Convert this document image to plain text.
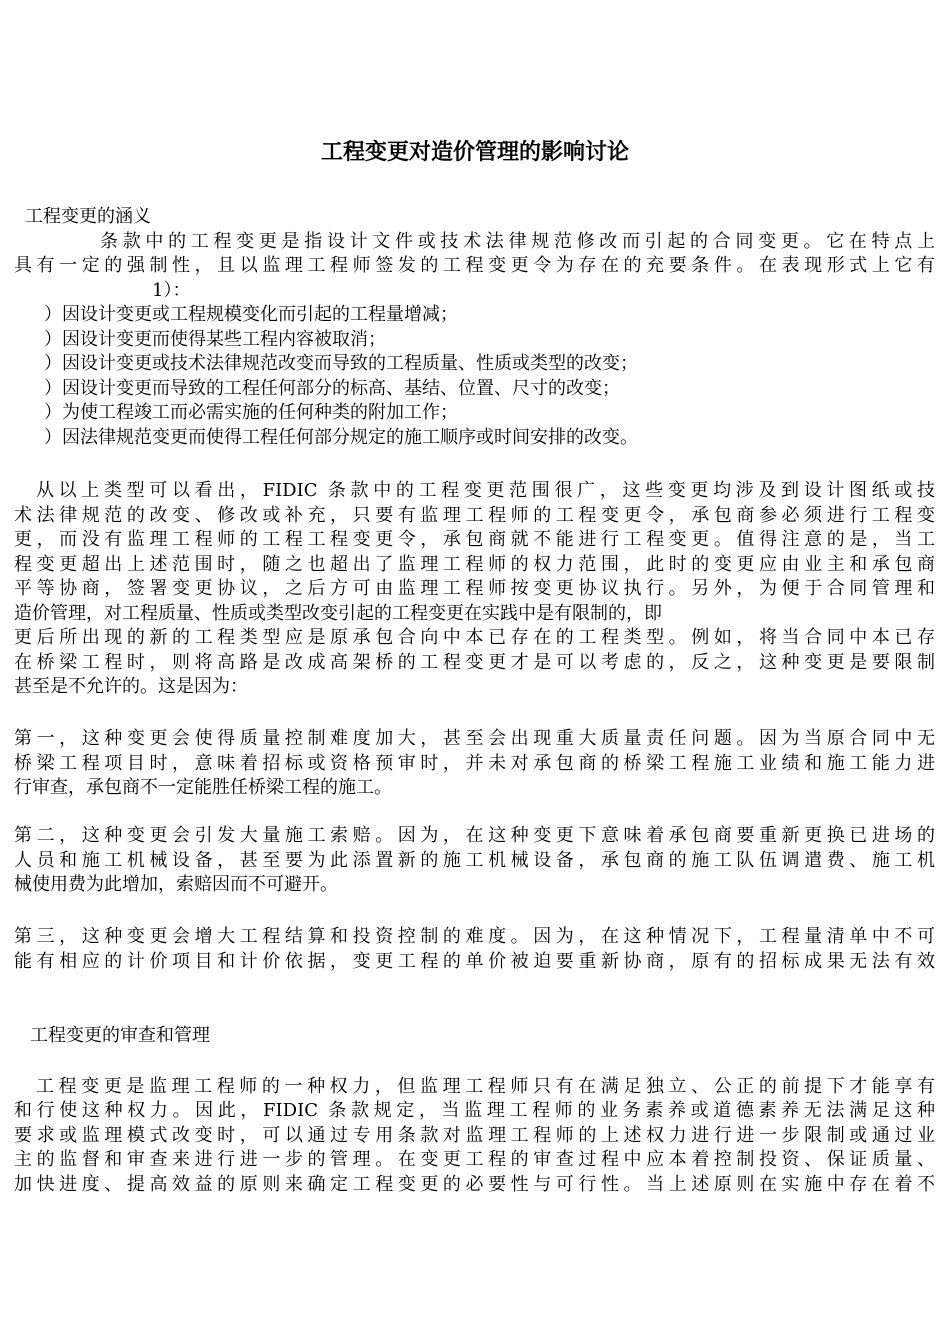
工程变更对造价管理的影响讨论
工程变更的涵义
条款中的工程变更是指设计文件或技术法律规范修改而引起的合同变更。它在特点上
具有一定的强制性，且以监理工程师签发的工程变更令为存在的充要条件。在表现形式上它有
1）：
）因设计变更或工程规模变化而引起的工程量增减；
）因设计变更而使得某些工程内容被取消；
）因设计变更或技术法律规范改变而导致的工程质量、性质或类型的改变；
）因设计变更而导致的工程任何部分的标高、基结、位置、尺寸的改变；
）为使工程竣工而必需实施的任何种类的附加工作；
）因法律规范变更而使得工程任何部分规定的施工顺序或时间安排的改变。
从以上类型可以看出，FIDIC 条款中的工程变更范围很广，这些变更均涉及到设计图纸或技
术法律规范的改变、修改或补充，只要有监理工程师的工程变更令，承包商参必须进行工程变
更，而没有监理工程师的工程工程变更令，承包商就不能进行工程变更。值得注意的是，当工
程变更超出上述范围时，随之也超出了监理工程师的权力范围，此时的变更应由业主和承包商
平等协商，签署变更协议，之后方可由监理工程师按变更协议执行。另外，为便于合同管理和
造价管理，对工程质量、性质或类型改变引起的工程变更在实践中是有限制的，即
更后所出现的新的工程类型应是原承包合向中本已存在的工程类型。例如，将当合同中本已存
在桥梁工程时，则将高路是改成高架桥的工程变更才是可以考虑的，反之，这种变更是要限制
甚至是不允许的。这是因为：
第一，这种变更会使得质量控制难度加大，甚至会出现重大质量责任问题。因为当原合同中无
桥梁工程项目时，意味着招标或资格预审时，并未对承包商的桥梁工程施工业绩和施工能力进
行审查，承包商不一定能胜任桥梁工程的施工。
第二，这种变更会引发大量施工索赔。因为，在这种变更下意味着承包商要重新更换已进场的
人员和施工机械设备，甚至要为此添置新的施工机械设备，承包商的施工队伍调遣费、施工机
械使用费为此增加，索赔因而不可避开。
第三，这种变更会增大工程结算和投资控制的难度。因为，在这种情况下，工程量清单中不可
能有相应的计价项目和计价依据，变更工程的单价被迫要重新协商，原有的招标成果无法有效
工程变更的审查和管理
工程变更是监理工程师的一种权力，但监理工程师只有在满足独立、公正的前提下才能享有
和行使这种权力。因此，FIDIC 条款规定，当监理工程师的业务素养或道德素养无法满足这种
要求或监理模式改变时，可以通过专用条款对监理工程师的上述权力进行进一步限制或通过业
主的监督和审查来进行进一步的管理。在变更工程的审查过程中应本着控制投资、保证质量、
加快进度、提高效益的原则来确定工程变更的必要性与可行性。当上述原则在实施中存在着不
